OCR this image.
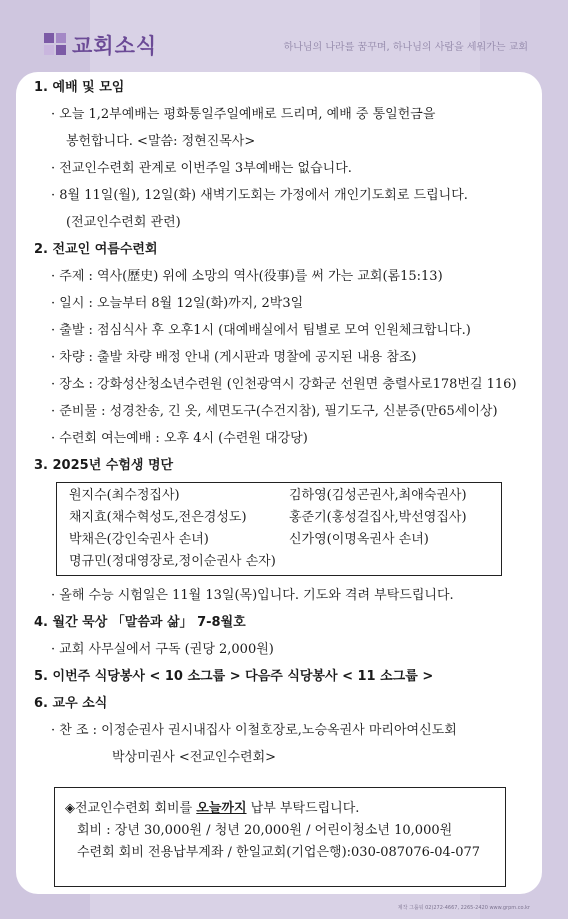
교회소식	하나님의 나라를 꿈꾸며, 하나님의 사람을 세워가는 교회
1. 예배 및 모임
· 오늘 1,2부예배는 평화통일주일예배로 드리며, 예배 중 통일헌금을
봉헌합니다. <말씀: 정현진목사>
· 전교인수련회 관계로 이번주일 3부예배는 없습니다.
· 8월 11일(월), 12일(화) 새벽기도회는 가정에서 개인기도회로 드립니다.
(전교인수련회 관련)
2. 전교인 여름수련회
· 주제 : 역사(歷史) 위에 소망의 역사(役事)를 써 가는 교회(롬15:13)
· 일시 : 오늘부터 8월 12일(화)까지, 2박3일
· 출발 : 점심식사 후 오후1시 (대예배실에서 팀별로 모여 인원체크합니다.)
· 차량 : 출발 차량 배정 안내 (게시판과 명찰에 공지된 내용 참조)
· 장소 : 강화성산청소년수련원 (인천광역시 강화군 선원면 충렬사로178번길 116)
· 준비물 : 성경찬송, 긴 옷, 세면도구(수건지참), 필기도구, 신분증(만65세이상)
· 수련회 여는예배 : 오후 4시 (수련원 대강당)
3. 2025년 수험생 명단
원지수(최수정집사)	김하영(김성곤권사,최애숙권사)
채지효(채수혁성도,전은경성도)	홍준기(홍성걸집사,박선영집사)
박채은(강인숙권사 손녀)	신가영(이명옥권사 손녀)
명규민(정대영장로,정이순권사 손자)
· 올해 수능 시험일은 11월 13일(목)입니다. 기도와 격려 부탁드립니다.
4. 월간 묵상 「말씀과 삶」 7-8월호
· 교회 사무실에서 구독 (권당 2,000원)
5. 이번주 식당봉사 < 10 소그룹 > 다음주 식당봉사 < 11 소그룹 >
6. 교우 소식
· 찬 조 : 이정순권사 권시내집사 이철호장로,노승옥권사 마리아여신도회
박상미권사 <전교인수련회>
◈전교인수련회 회비를 오늘까지 납부 부탁드립니다.
회비 : 장년 30,000원 / 청년 20,000원 / 어린이청소년 10,000원
수련회 회비 전용납부계좌 / 한일교회(기업은행):030-087076-04-077
제작 그룹워 02)272-4667, 2265-2420 www.grpm.co.kr
